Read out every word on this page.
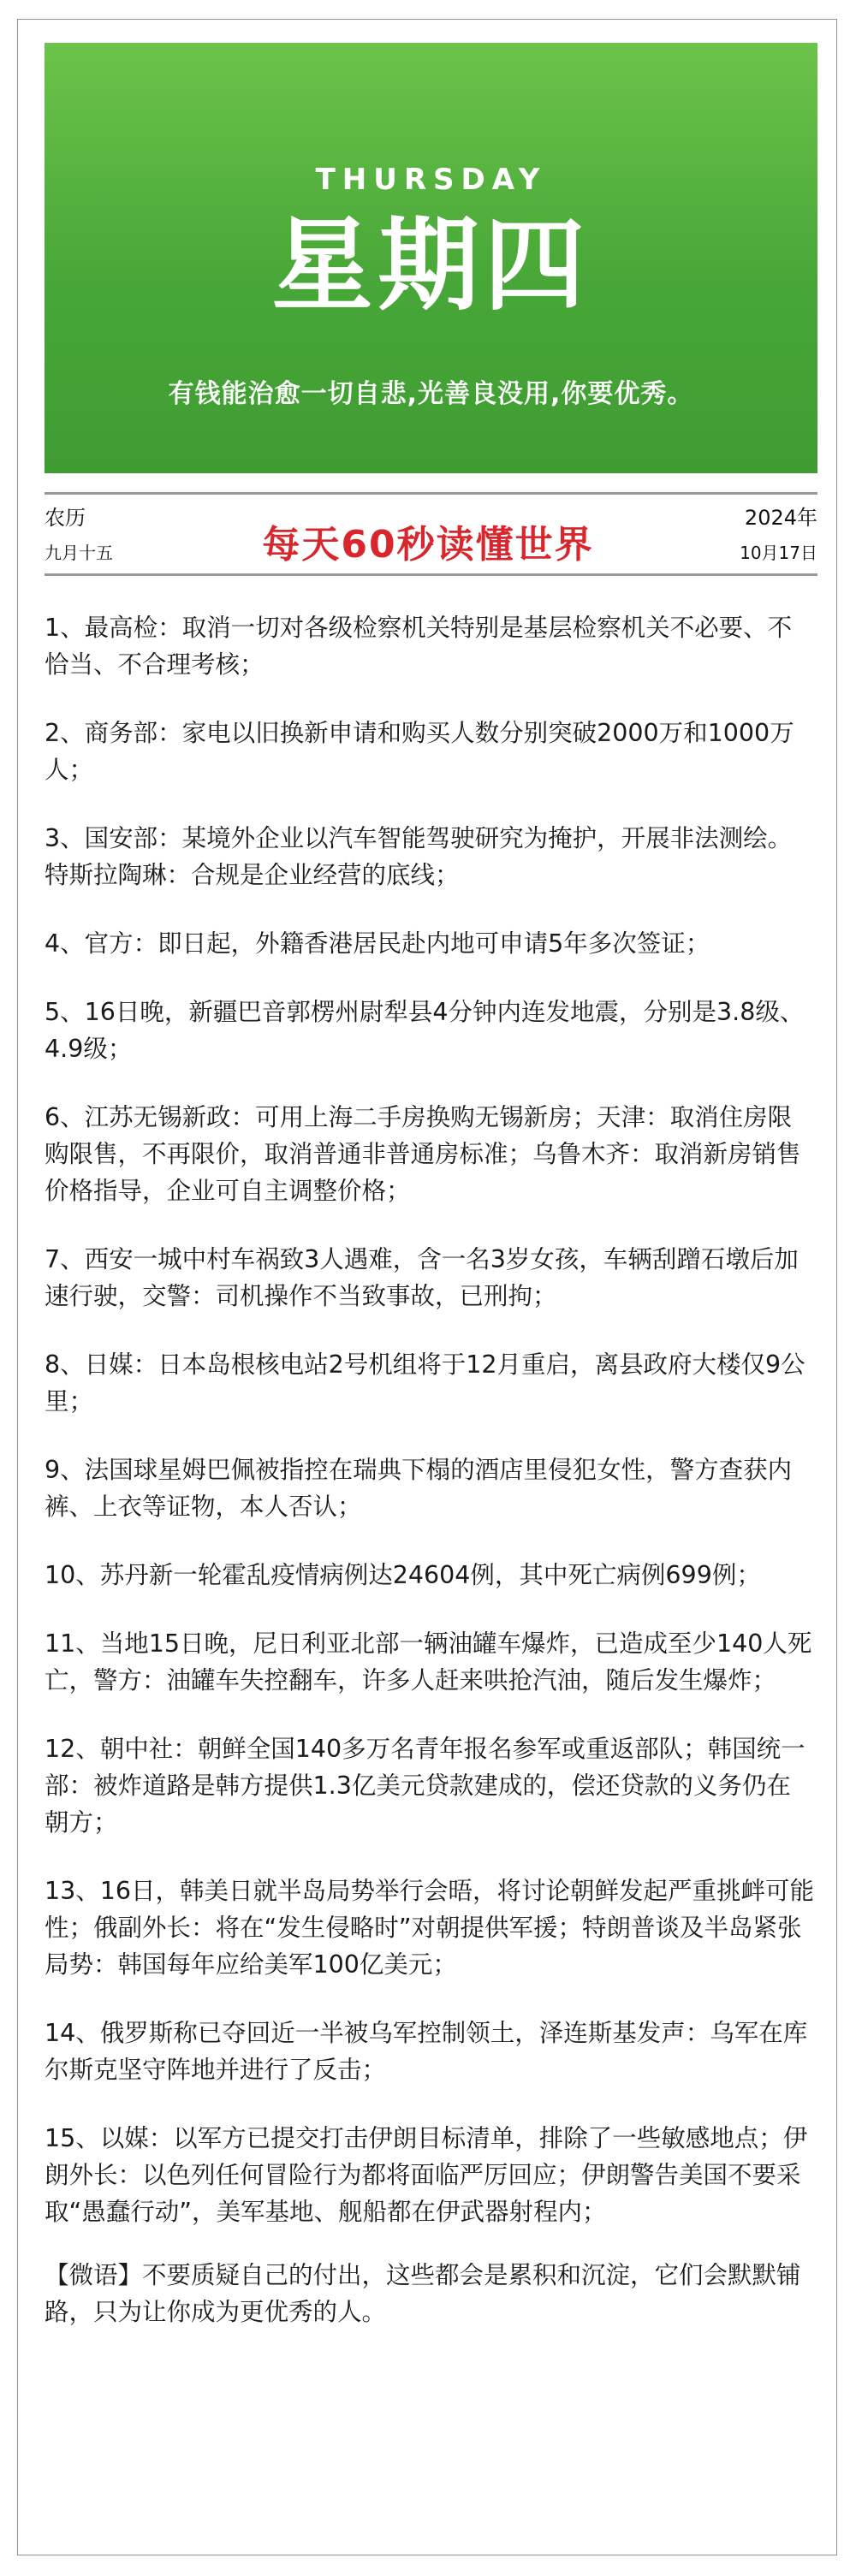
THURSDAY
星期四
有钱能治愈一切自悲,光善良没用,你要优秀。
农历
九月十五	每天60秒读懂世界
2024年
10月17日

1、最高检：取消一切对各级检察机关特别是基层检察机关不必要、不恰当、不合理考核；

2、商务部：家电以旧换新申请和购买人数分别突破2000万和1000万人；

3、国安部：某境外企业以汽车智能驾驶研究为掩护，开展非法测绘。特斯拉陶琳：合规是企业经营的底线；

4、官方：即日起，外籍香港居民赴内地可申请5年多次签证；

5、16日晚，新疆巴音郭楞州尉犁县4分钟内连发地震，分别是3.8级、4.9级；

6、江苏无锡新政：可用上海二手房换购无锡新房；天津：取消住房限购限售，不再限价，取消普通非普通房标准；乌鲁木齐：取消新房销售价格指导，企业可自主调整价格；

7、西安一城中村车祸致3人遇难，含一名3岁女孩，车辆刮蹭石墩后加速行驶，交警：司机操作不当致事故，已刑拘；

8、日媒：日本岛根核电站2号机组将于12月重启，离县政府大楼仅9公里；

9、法国球星姆巴佩被指控在瑞典下榻的酒店里侵犯女性，警方查获内裤、上衣等证物，本人否认；

10、苏丹新一轮霍乱疫情病例达24604例，其中死亡病例699例；

11、当地15日晚，尼日利亚北部一辆油罐车爆炸，已造成至少140人死亡，警方：油罐车失控翻车，许多人赶来哄抢汽油，随后发生爆炸；

12、朝中社：朝鲜全国140多万名青年报名参军或重返部队；韩国统一部：被炸道路是韩方提供1.3亿美元贷款建成的，偿还贷款的义务仍在朝方；

13、16日，韩美日就半岛局势举行会晤，将讨论朝鲜发起严重挑衅可能性；俄副外长：将在“发生侵略时”对朝提供军援；特朗普谈及半岛紧张局势：韩国每年应给美军100亿美元；

14、俄罗斯称已夺回近一半被乌军控制领土，泽连斯基发声：乌军在库尔斯克坚守阵地并进行了反击；

15、以媒：以军方已提交打击伊朗目标清单，排除了一些敏感地点；伊朗外长：以色列任何冒险行为都将面临严厉回应；伊朗警告美国不要采取“愚蠢行动”，美军基地、舰船都在伊武器射程内；

【微语】不要质疑自己的付出，这些都会是累积和沉淀，它们会默默铺路，只为让你成为更优秀的人。
